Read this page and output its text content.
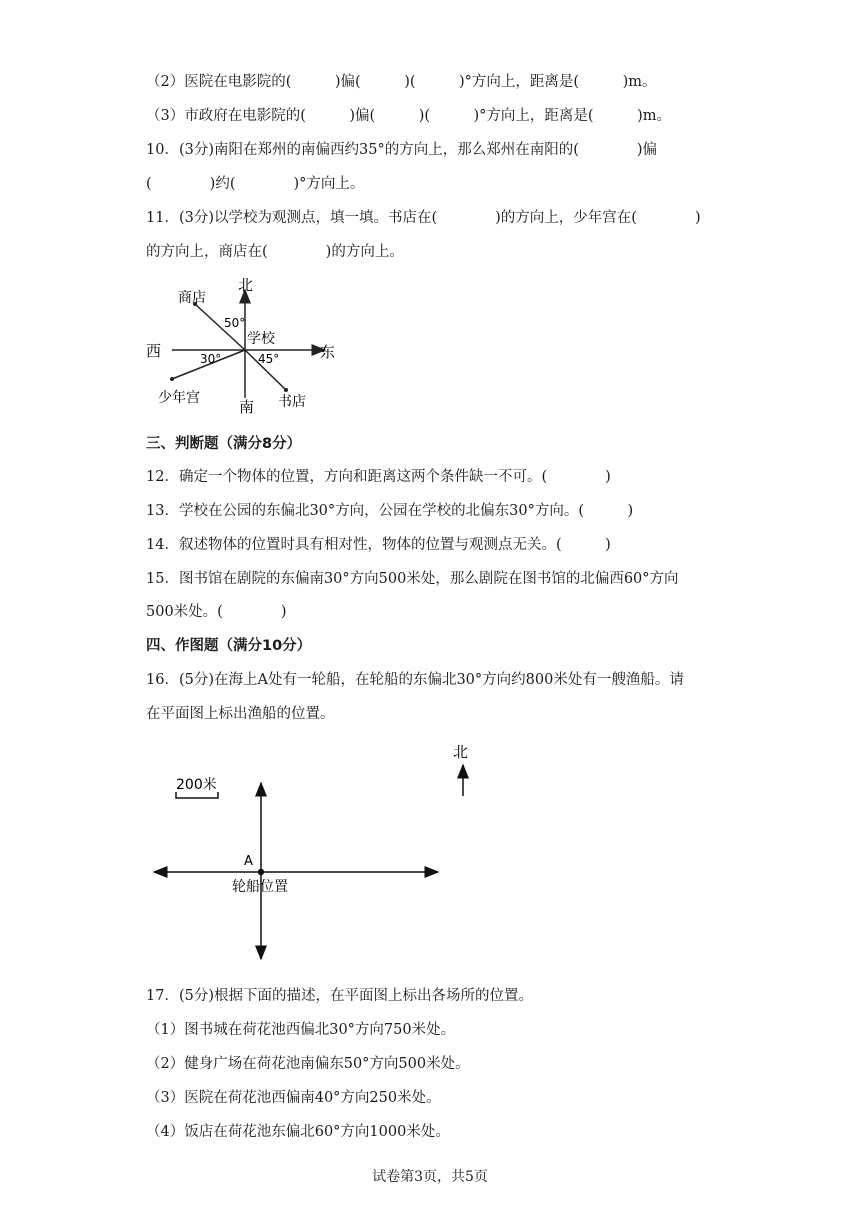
（2）医院在电影院的(　　　)偏(　　　)(　　　)°方向上，距离是(　　　)m。
（3）市政府在电影院的(　　　)偏(　　　)(　　　)°方向上，距离是(　　　)m。
10．(3分)南阳在郑州的南偏西约35°的方向上，那么郑州在南阳的(　　　　)偏
(　　　　)约(　　　　)°方向上。
11．(3分)以学校为观测点，填一填。书店在(　　　　)的方向上，少年宫在(　　　　)
的方向上，商店在(　　　　)的方向上。
北
南
西	东
商店
学校
少年宫	书店
50°
30°	45°
三、判断题（满分8分）
12．确定一个物体的位置，方向和距离这两个条件缺一不可。(　　　　)
13．学校在公园的东偏北30°方向，公园在学校的北偏东30°方向。(　　　)
14．叙述物体的位置时具有相对性，物体的位置与观测点无关。(　　　)
15．图书馆在剧院的东偏南30°方向500米处，那么剧院在图书馆的北偏西60°方向
500米处。(　　　　)
四、作图题（满分10分）
16．(5分)在海上A处有一轮船，在轮船的东偏北30°方向约800米处有一艘渔船。请
在平面图上标出渔船的位置。
200米
北
A
轮船位置
17．(5分)根据下面的描述，在平面图上标出各场所的位置。
（1）图书城在荷花池西偏北30°方向750米处。
（2）健身广场在荷花池南偏东50°方向500米处。
（3）医院在荷花池西偏南40°方向250米处。
（4）饭店在荷花池东偏北60°方向1000米处。
试卷第3页，共5页
